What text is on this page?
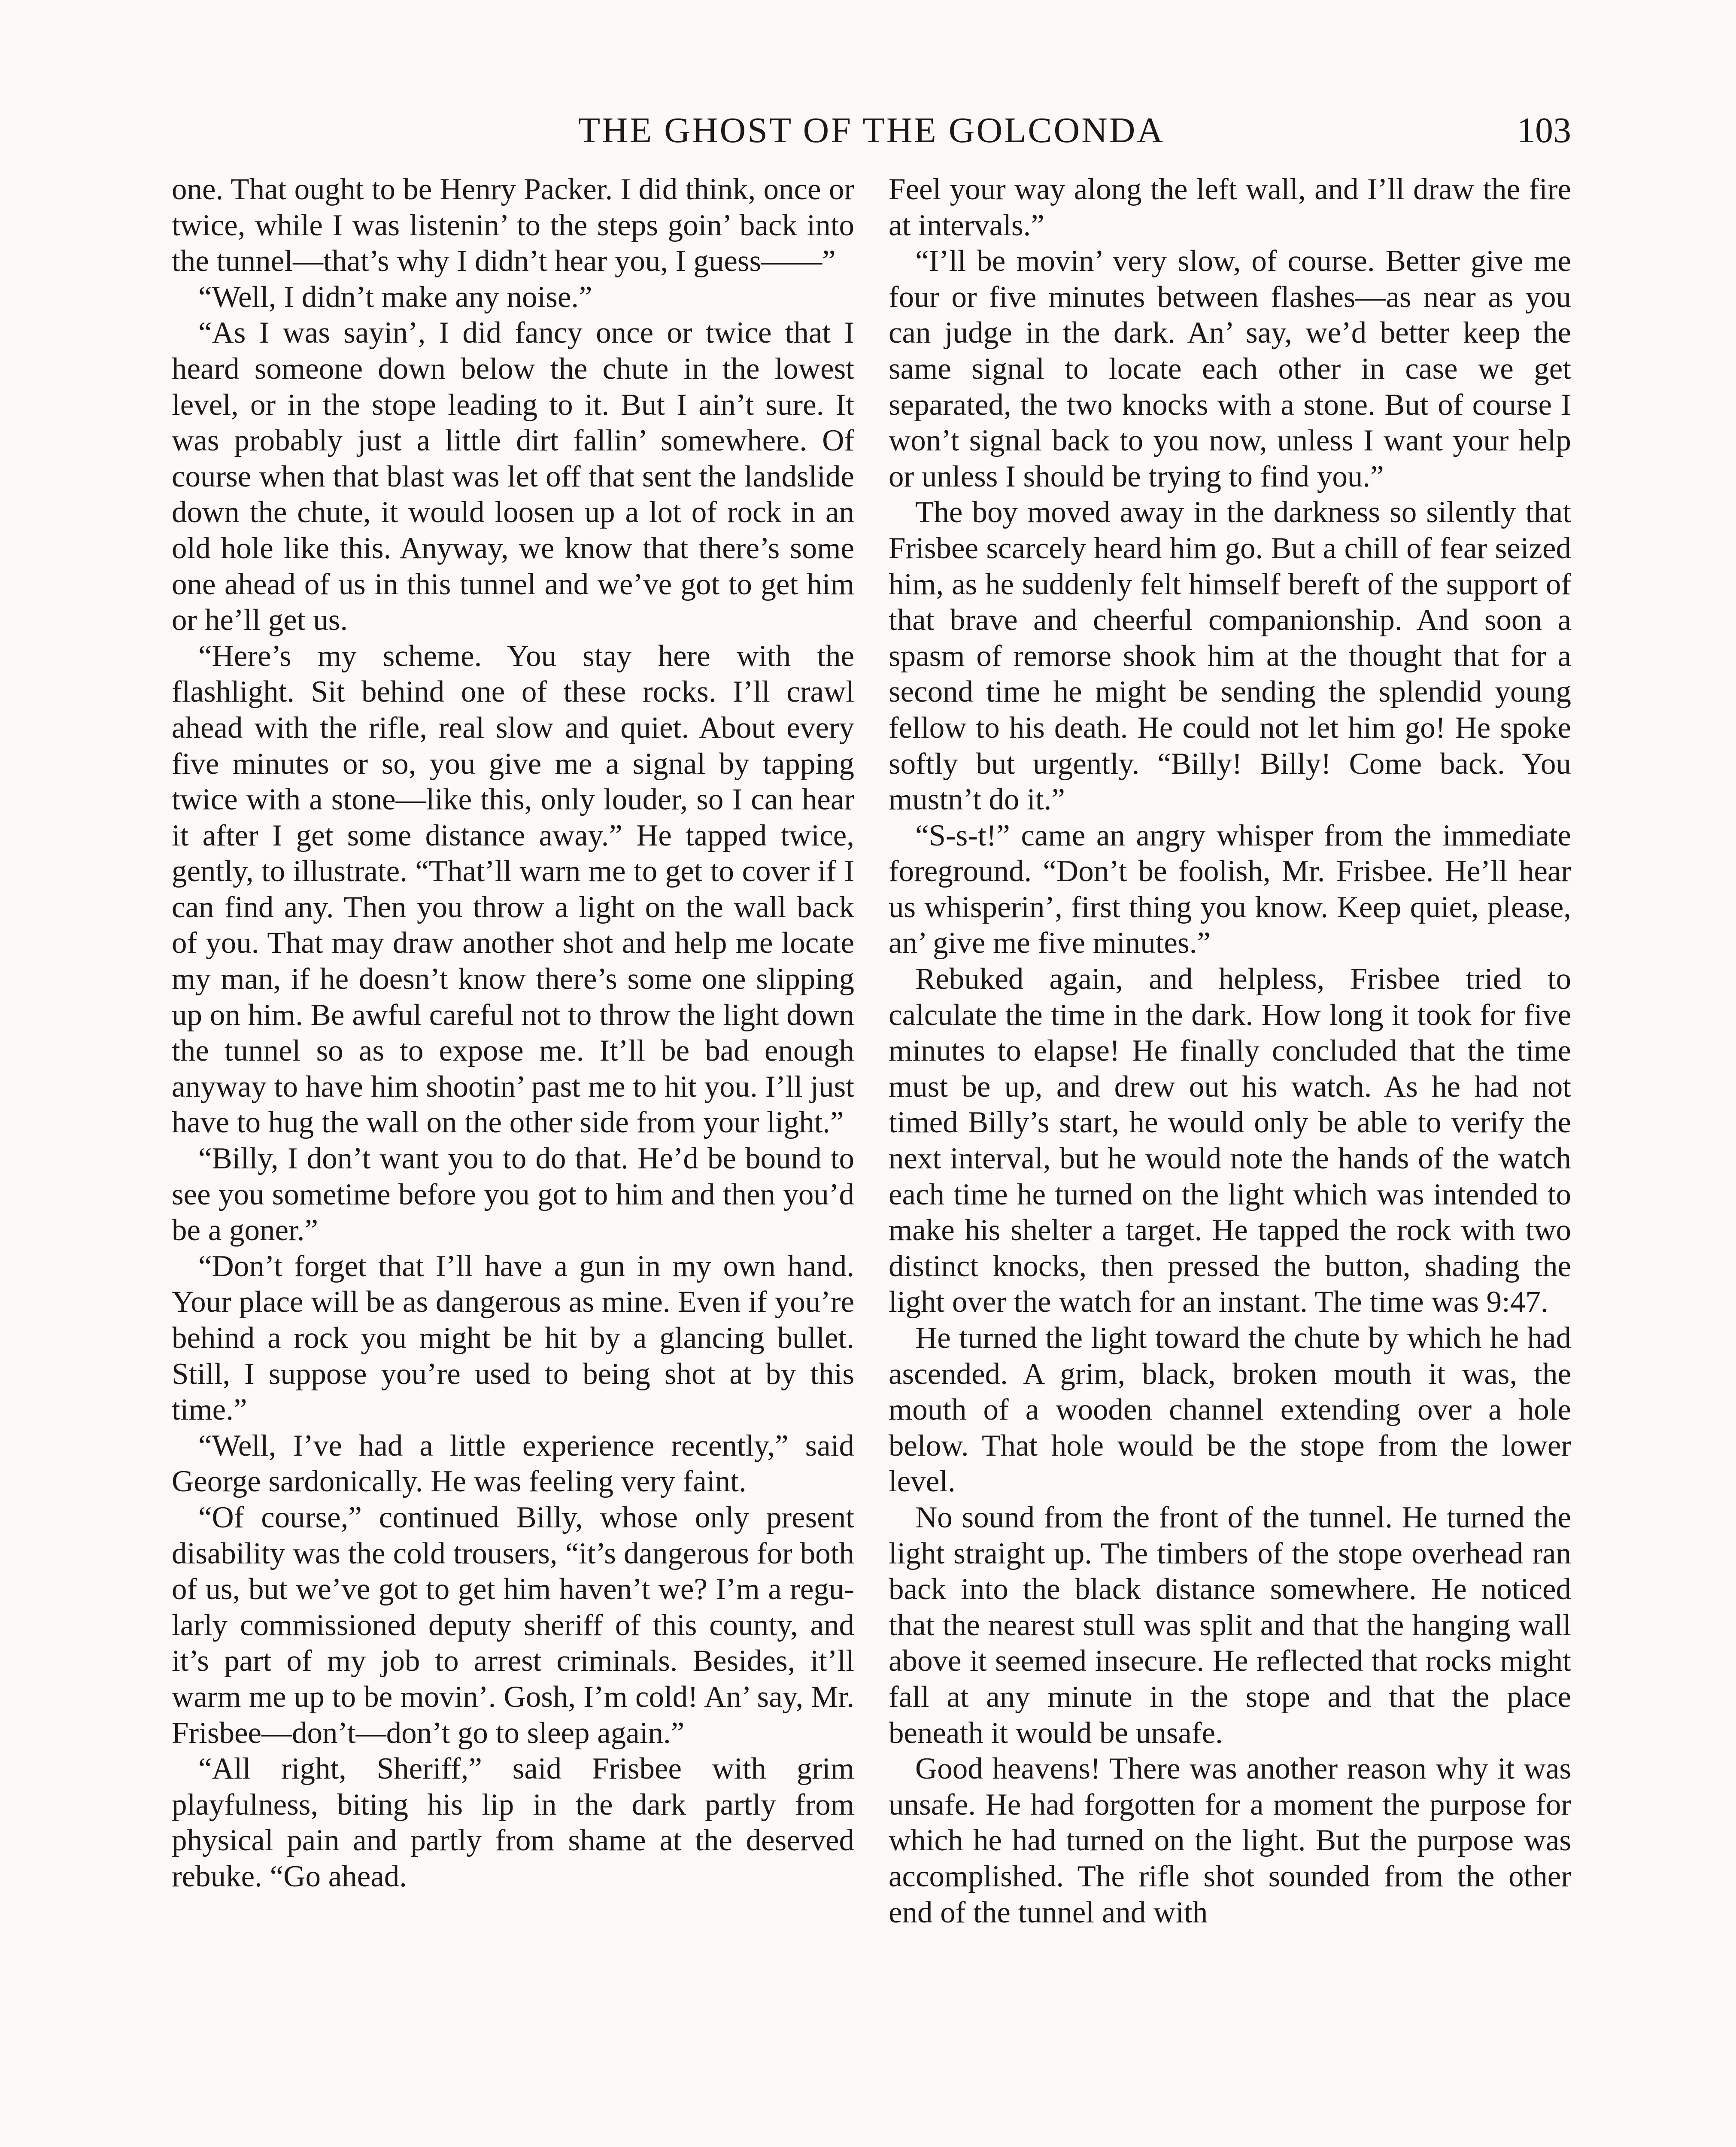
THE GHOST OF THE GOLCONDA	103

one. That ought to be Henry Packer. I did think, once or twice, while I was listenin’ to the steps goin’ back into the tunnel—that’s why I didn’t hear you, I guess——”

“Well, I didn’t make any noise.”

“As I was sayin’, I did fancy once or twice that I heard someone down below the chute in the lowest level, or in the stope leading to it. But I ain’t sure. It was probably just a little dirt fallin’ somewhere. Of course when that blast was let off that sent the landslide down the chute, it would loosen up a lot of rock in an old hole like this. Anyway, we know that there’s some one ahead of us in this tunnel and we’ve got to get him or he’ll get us.

“Here’s my scheme. You stay here with the flashlight. Sit behind one of these rocks. I’ll crawl ahead with the rifle, real slow and quiet. About every five minutes or so, you give me a signal by tapping twice with a stone—like this, only louder, so I can hear it after I get some distance away.” He tapped twice, gently, to illustrate. “That’ll warn me to get to cover if I can find any. Then you throw a light on the wall back of you. That may draw another shot and help me locate my man, if he doesn’t know there’s some one slipping up on him. Be awful careful not to throw the light down the tunnel so as to expose me. It’ll be bad enough anyway to have him shootin’ past me to hit you. I’ll just have to hug the wall on the other side from your light.”

“Billy, I don’t want you to do that. He’d be bound to see you sometime before you got to him and then you’d be a goner.”

“Don’t forget that I’ll have a gun in my own hand. Your place will be as dangerous as mine. Even if you’re behind a rock you might be hit by a glancing bullet. Still, I suppose you’re used to being shot at by this time.”

“Well, I’ve had a little experience recently,” said George sardonically. He was feeling very faint.

“Of course,” continued Billy, whose only present disability was the cold trousers, “it’s dangerous for both of us, but we’ve got to get him haven’t we? I’m a regularly commissioned deputy sheriff of this county, and it’s part of my job to arrest criminals. Besides, it’ll warm me up to be movin’. Gosh, I’m cold! An’ say, Mr. Frisbee—don’t—don’t go to sleep again.”

“All right, Sheriff,” said Frisbee with grim playfulness, biting his lip in the dark partly from physical pain and partly from shame at the deserved rebuke. “Go ahead.

Feel your way along the left wall, and I’ll draw the fire at intervals.”

“I’ll be movin’ very slow, of course. Better give me four or five minutes between flashes—as near as you can judge in the dark. An’ say, we’d better keep the same signal to locate each other in case we get separated, the two knocks with a stone. But of course I won’t signal back to you now, unless I want your help or unless I should be trying to find you.”

The boy moved away in the darkness so silently that Frisbee scarcely heard him go. But a chill of fear seized him, as he suddenly felt himself bereft of the support of that brave and cheerful companionship. And soon a spasm of remorse shook him at the thought that for a second time he might be sending the splendid young fellow to his death. He could not let him go! He spoke softly but urgently. “Billy! Billy! Come back. You mustn’t do it.”

“S-s-t!” came an angry whisper from the immediate foreground. “Don’t be foolish, Mr. Frisbee. He’ll hear us whisperin’, first thing you know. Keep quiet, please, an’ give me five minutes.”

Rebuked again, and helpless, Frisbee tried to calculate the time in the dark. How long it took for five minutes to elapse! He finally concluded that the time must be up, and drew out his watch. As he had not timed Billy’s start, he would only be able to verify the next interval, but he would note the hands of the watch each time he turned on the light which was intended to make his shelter a target. He tapped the rock with two distinct knocks, then pressed the button, shading the light over the watch for an instant. The time was 9:47.

He turned the light toward the chute by which he had ascended. A grim, black, broken mouth it was, the mouth of a wooden channel extending over a hole below. That hole would be the stope from the lower level.

No sound from the front of the tunnel. He turned the light straight up. The timbers of the stope overhead ran back into the black distance somewhere. He noticed that the nearest stull was split and that the hanging wall above it seemed insecure. He reflected that rocks might fall at any minute in the stope and that the place beneath it would be unsafe.

Good heavens! There was another reason why it was unsafe. He had forgotten for a moment the purpose for which he had turned on the light. But the purpose was accomplished. The rifle shot sounded from the other end of the tunnel and with
